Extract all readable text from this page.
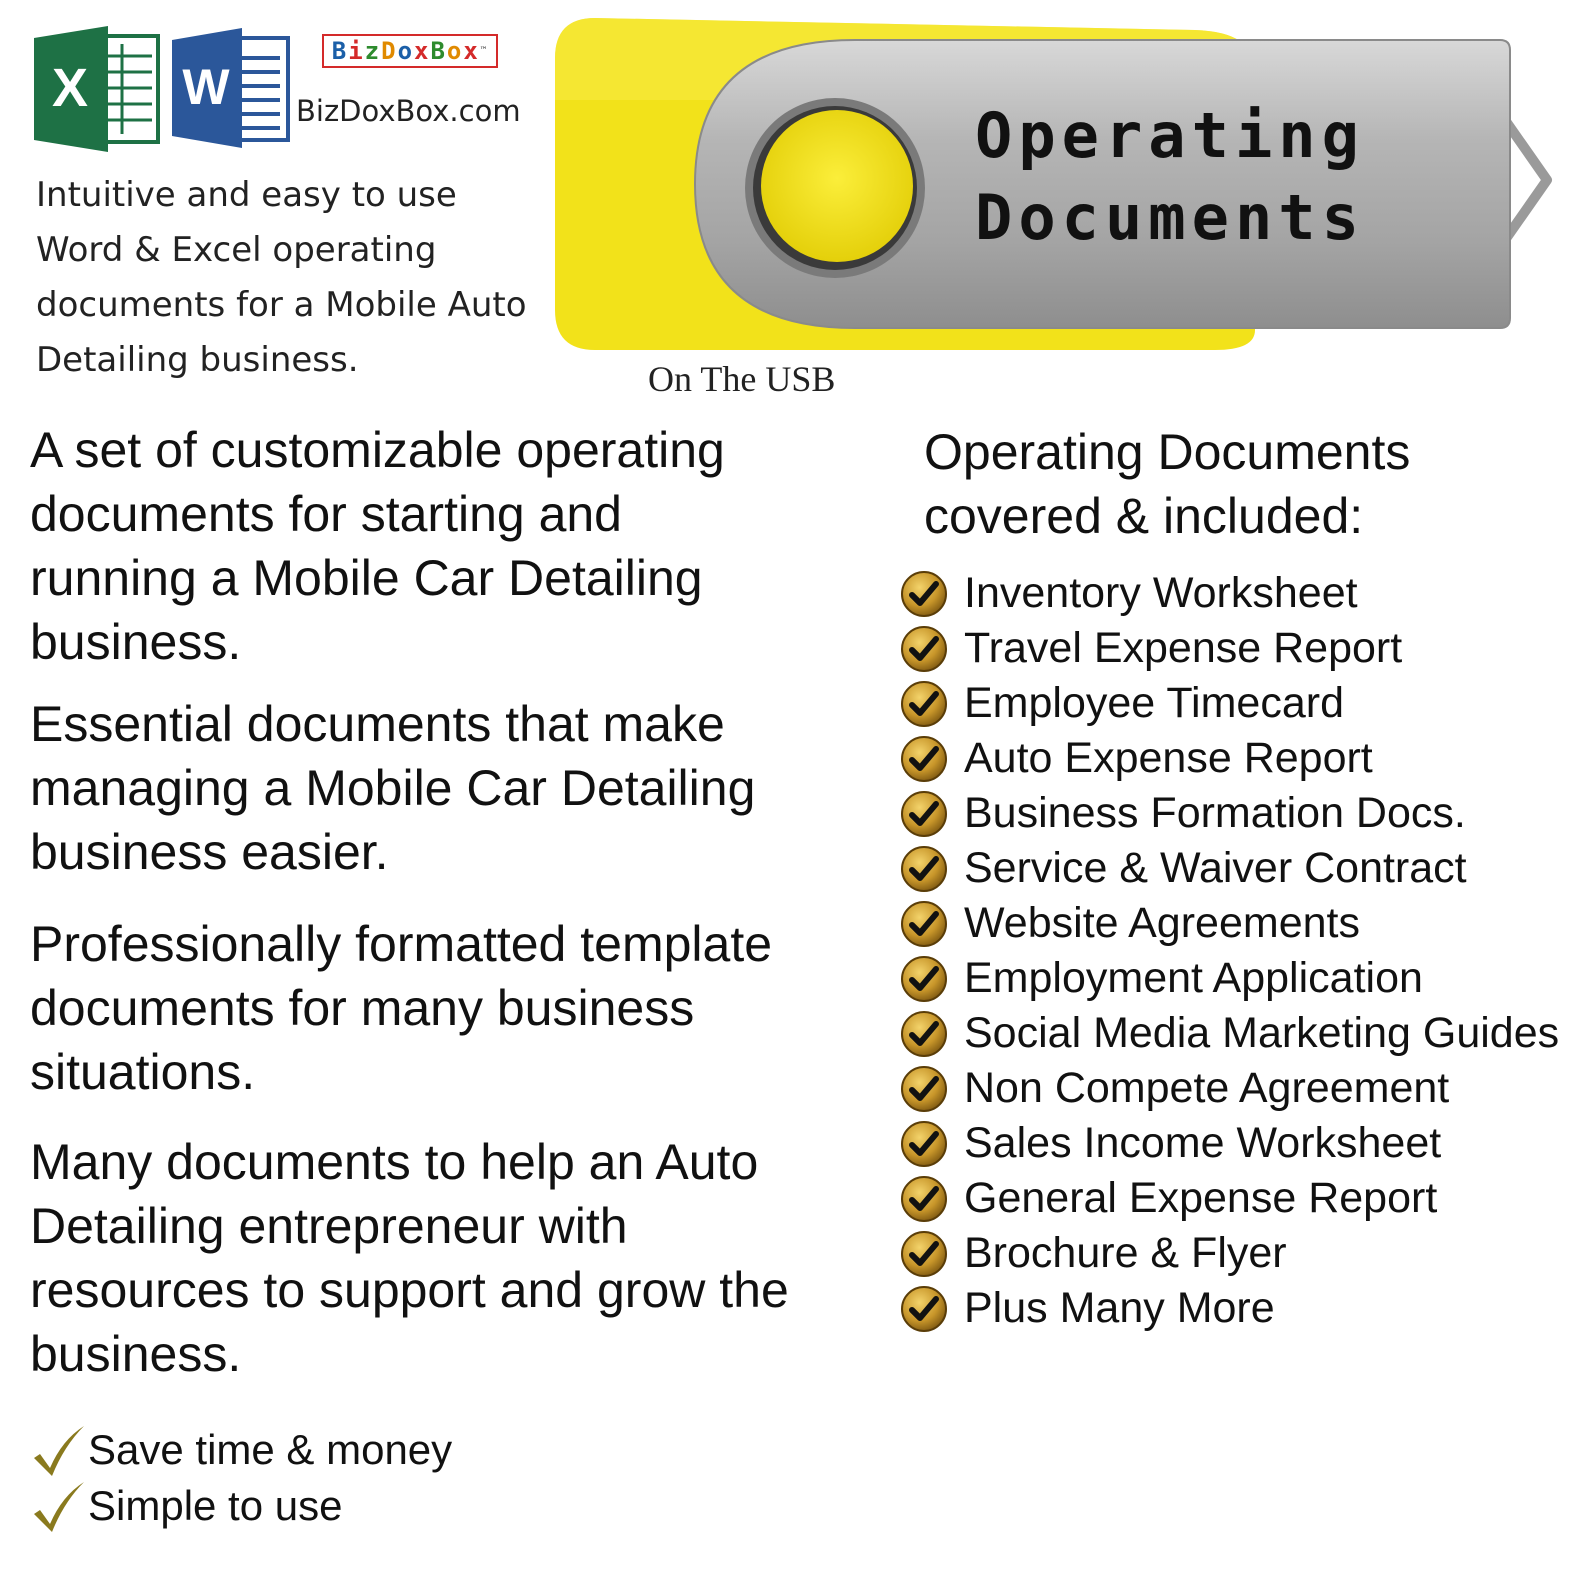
X W
B i z D o x B o x ™
BizDoxBox.com
Intuitive and easy to use Word & Excel operating documents for a Mobile Auto Detailing business.
Operating
Documents
On The USB
A set of customizable operating documents for starting and running a Mobile Car Detailing business.
Essential documents that make managing a Mobile Car Detailing business easier.
Professionally formatted template documents for many business situations.
Many documents to help an Auto Detailing entrepreneur with resources to support and grow the business.
Save time & money
Simple to use
Operating Documents covered & included:
Inventory Worksheet
Travel Expense Report
Employee Timecard
Auto Expense Report
Business Formation Docs.
Service & Waiver Contract
Website Agreements
Employment Application
Social Media Marketing Guides
Non Compete Agreement
Sales Income Worksheet
General Expense Report
Brochure & Flyer
Plus Many More
